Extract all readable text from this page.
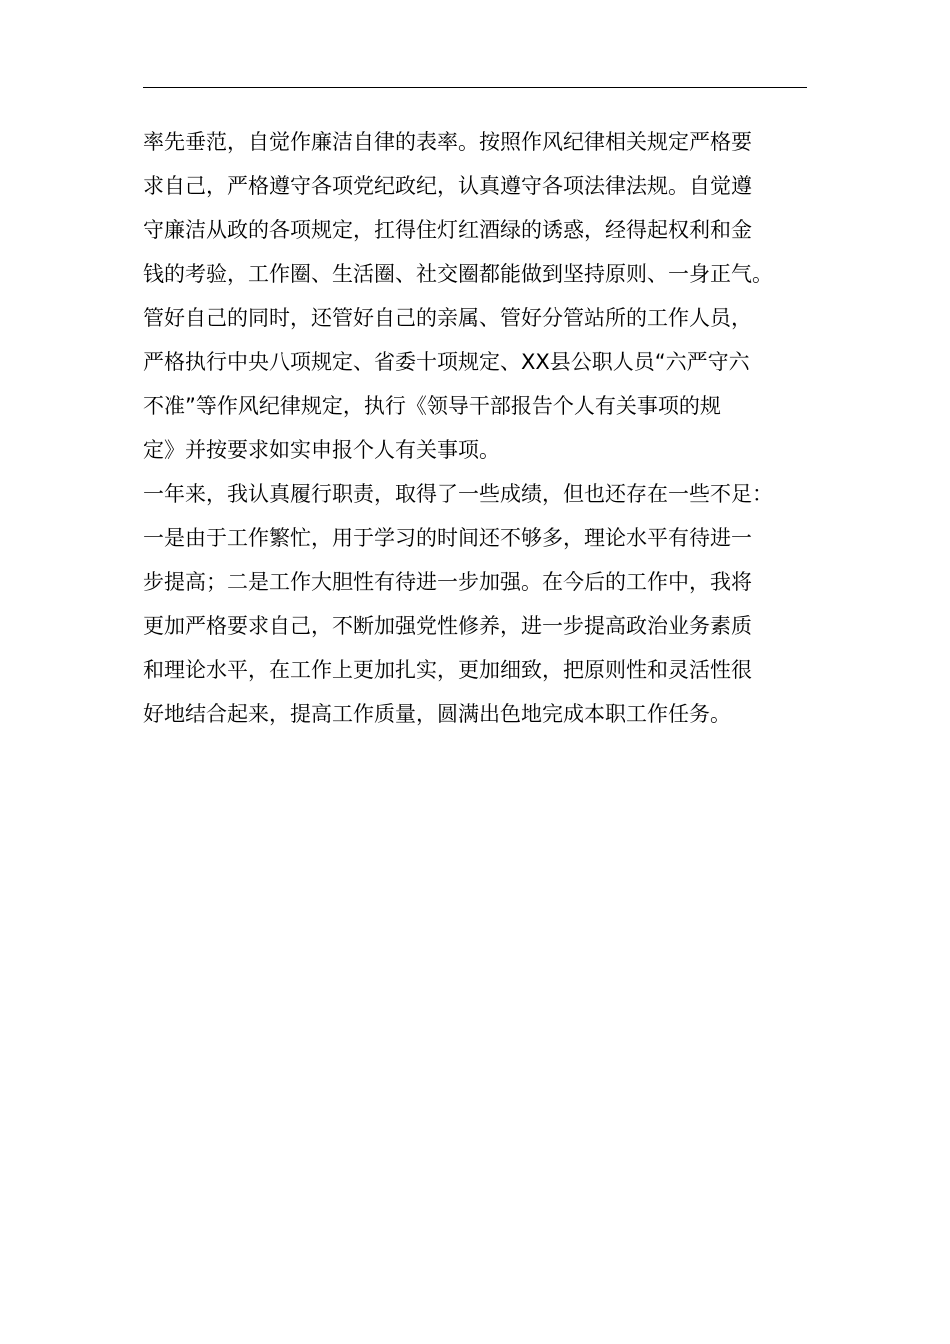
率先垂范，自觉作廉洁自律的表率。按照作风纪律相关规定严格要
求自己，严格遵守各项党纪政纪，认真遵守各项法律法规。自觉遵
守廉洁从政的各项规定，扛得住灯红酒绿的诱惑，经得起权利和金
钱的考验，工作圈、生活圈、社交圈都能做到坚持原则、一身正气。
管好自己的同时，还管好自己的亲属、管好分管站所的工作人员，
严格执行中央八项规定、省委十项规定、XX县公职人员“六严守六
不准”等作风纪律规定，执行《领导干部报告个人有关事项的规
定》并按要求如实申报个人有关事项。
一年来，我认真履行职责，取得了一些成绩，但也还存在一些不足：
一是由于工作繁忙，用于学习的时间还不够多，理论水平有待进一
步提高；二是工作大胆性有待进一步加强。在今后的工作中，我将
更加严格要求自己，不断加强党性修养，进一步提高政治业务素质
和理论水平，在工作上更加扎实，更加细致，把原则性和灵活性很
好地结合起来，提高工作质量，圆满出色地完成本职工作任务。
